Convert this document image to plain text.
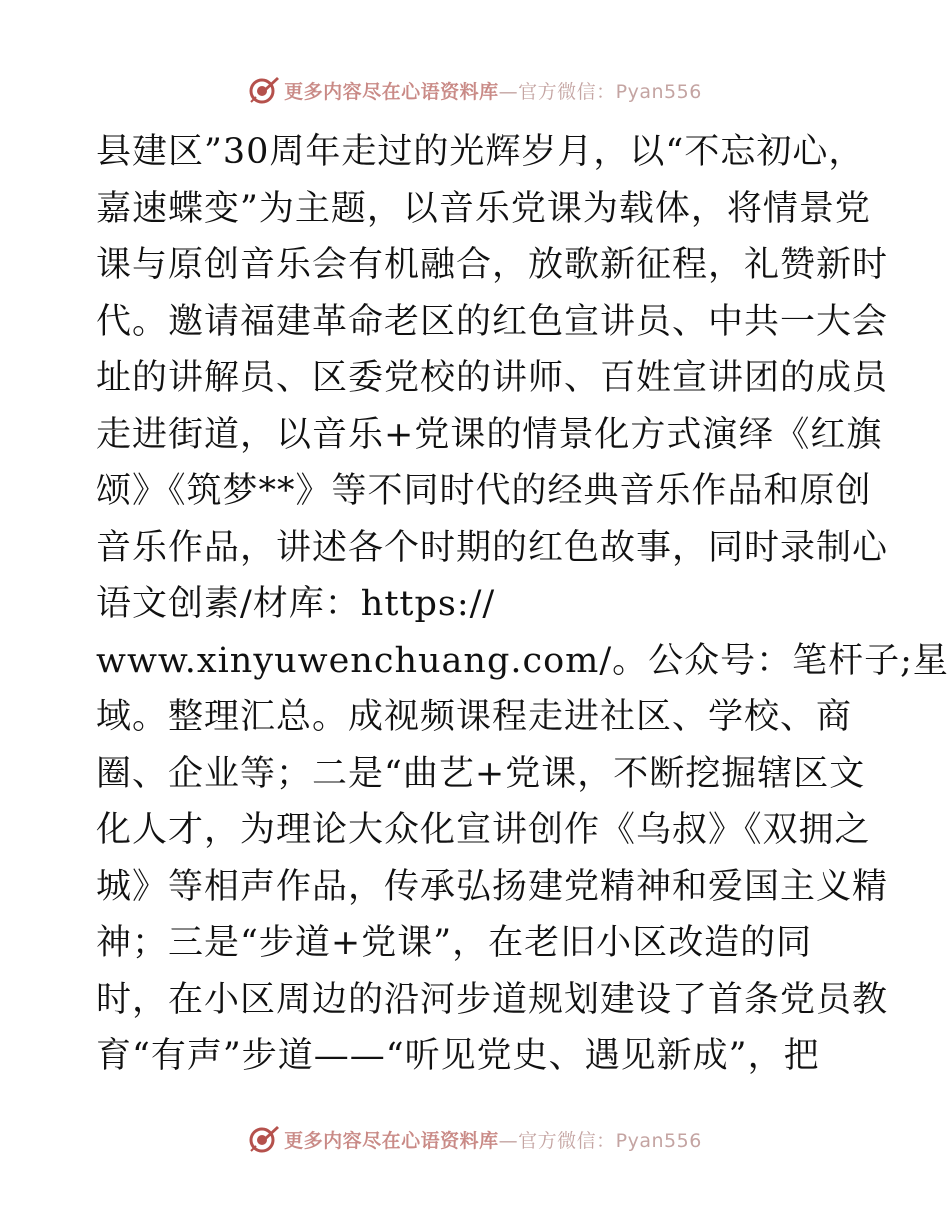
更多内容尽在心语资料库—官方微信：Pyan556
县建区”30周年走过的光辉岁月，以“不忘初心，
嘉速蝶变”为主题，以音乐党课为载体，将情景党
课与原创音乐会有机融合，放歌新征程，礼赞新时
代。邀请福建革命老区的红色宣讲员、中共一大会
址的讲解员、区委党校的讲师、百姓宣讲团的成员
走进街道，以音乐+党课的情景化方式演绎《红旗
颂》《筑梦**》等不同时代的经典音乐作品和原创
音乐作品，讲述各个时期的红色故事，同时录制心
语文创素/材库：https://
www.xinyuwenchuang.com/。公众号：笔杆子;星
域。整理汇总。成视频课程走进社区、学校、商
圈、企业等；二是“曲艺+党课，不断挖掘辖区文
化人才，为理论大众化宣讲创作《乌叔》《双拥之
城》等相声作品，传承弘扬建党精神和爱国主义精
神；三是“步道+党课”，在老旧小区改造的同
时，在小区周边的沿河步道规划建设了首条党员教
育“有声”步道——“听见党史、遇见新成”，把
更多内容尽在心语资料库—官方微信：Pyan556
